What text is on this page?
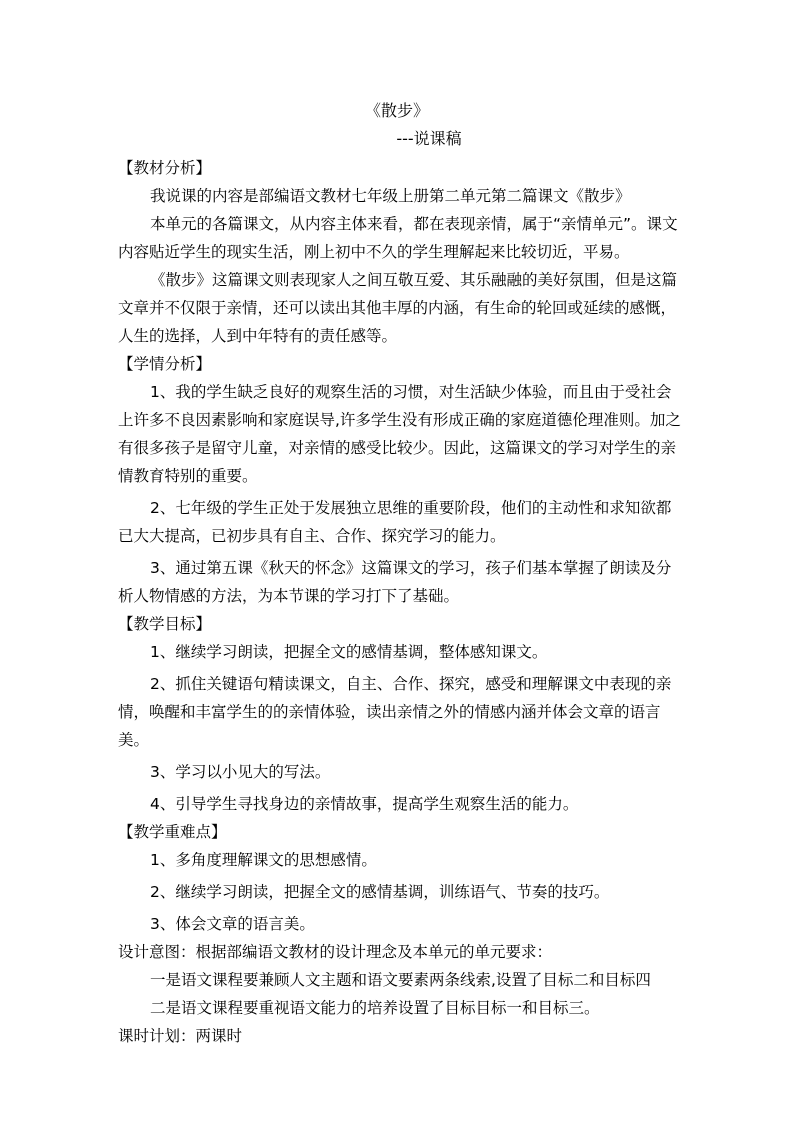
《散步》
---说课稿

【教材分析】

我说课的内容是部编语文教材七年级上册第二单元第二篇课文《散步》

本单元的各篇课文，从内容主体来看，都在表现亲情，属于“亲情单元”。课文内容贴近学生的现实生活，刚上初中不久的学生理解起来比较切近，平易。

《散步》这篇课文则表现家人之间互敬互爱、其乐融融的美好氛围，但是这篇文章并不仅限于亲情，还可以读出其他丰厚的内涵，有生命的轮回或延续的感慨，人生的选择，人到中年特有的责任感等。

【学情分析】

1、我的学生缺乏良好的观察生活的习惯，对生活缺少体验，而且由于受社会上许多不良因素影响和家庭误导,许多学生没有形成正确的家庭道德伦理准则。加之有很多孩子是留守儿童，对亲情的感受比较少。因此，这篇课文的学习对学生的亲情教育特别的重要。

2、七年级的学生正处于发展独立思维的重要阶段，他们的主动性和求知欲都已大大提高，已初步具有自主、合作、探究学习的能力。

3、通过第五课《秋天的怀念》这篇课文的学习，孩子们基本掌握了朗读及分析人物情感的方法，为本节课的学习打下了基础。

【教学目标】

1、继续学习朗读，把握全文的感情基调，整体感知课文。

2、抓住关键语句精读课文，自主、合作、探究，感受和理解课文中表现的亲情，唤醒和丰富学生的的亲情体验，读出亲情之外的情感内涵并体会文章的语言美。

3、学习以小见大的写法。

4、引导学生寻找身边的亲情故事，提高学生观察生活的能力。

【教学重难点】

1、多角度理解课文的思想感情。

2、继续学习朗读，把握全文的感情基调，训练语气、节奏的技巧。

3、体会文章的语言美。

设计意图：根据部编语文教材的设计理念及本单元的单元要求：

一是语文课程要兼顾人文主题和语文要素两条线索,设置了目标二和目标四

二是语文课程要重视语文能力的培养设置了目标目标一和目标三。

课时计划：两课时
